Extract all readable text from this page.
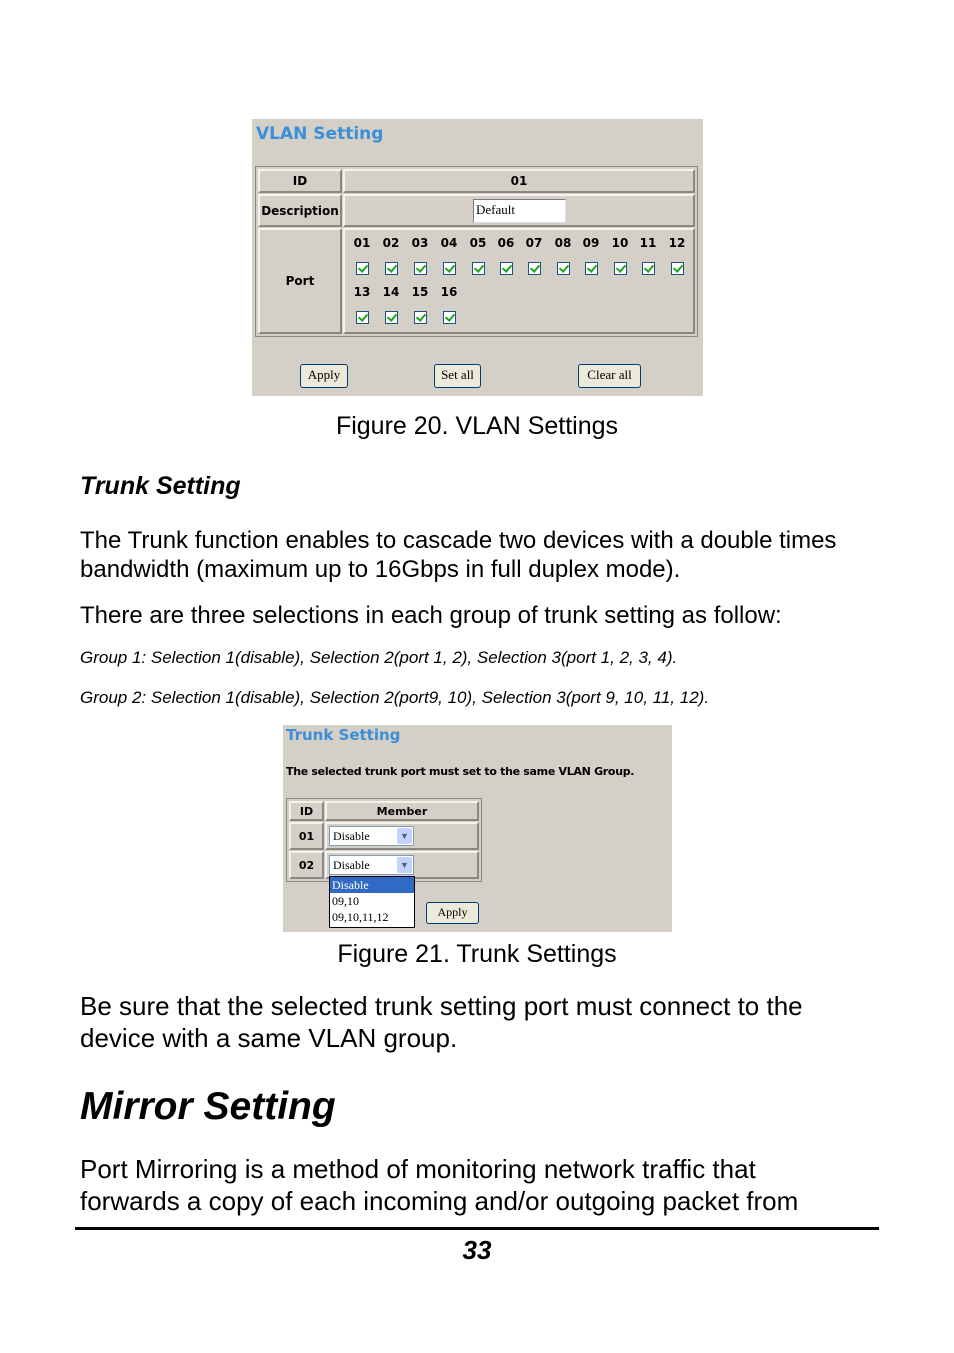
VLAN Setting
ID	01
Description	Default
Port
01	02	03	04	05 06 07	08 09	10 11	12
13	14	15	16
Apply	Set all	Clear all
Figure 20. VLAN Settings
Trunk Setting
The Trunk function enables to cascade two devices with a double times
bandwidth (maximum up to 16Gbps in full duplex mode).
There are three selections in each group of trunk setting as follow:
Group 1: Selection 1(disable), Selection 2(port 1, 2), Selection 3(port 1, 2, 3, 4).
Group 2: Selection 1(disable), Selection 2(port9, 10), Selection 3(port 9, 10, 11, 12).
Trunk Setting
The selected trunk port must set to the same VLAN Group.
ID	Member
01	Disable	▼
02	Disable	▼
Disable
09,10
09,10,11,12	Apply
Figure 21. Trunk Settings
Be sure that the selected trunk setting port must connect to the
device with a same VLAN group.
Mirror Setting
Port Mirroring is a method of monitoring network traffic that
forwards a copy of each incoming and/or outgoing packet from
33
